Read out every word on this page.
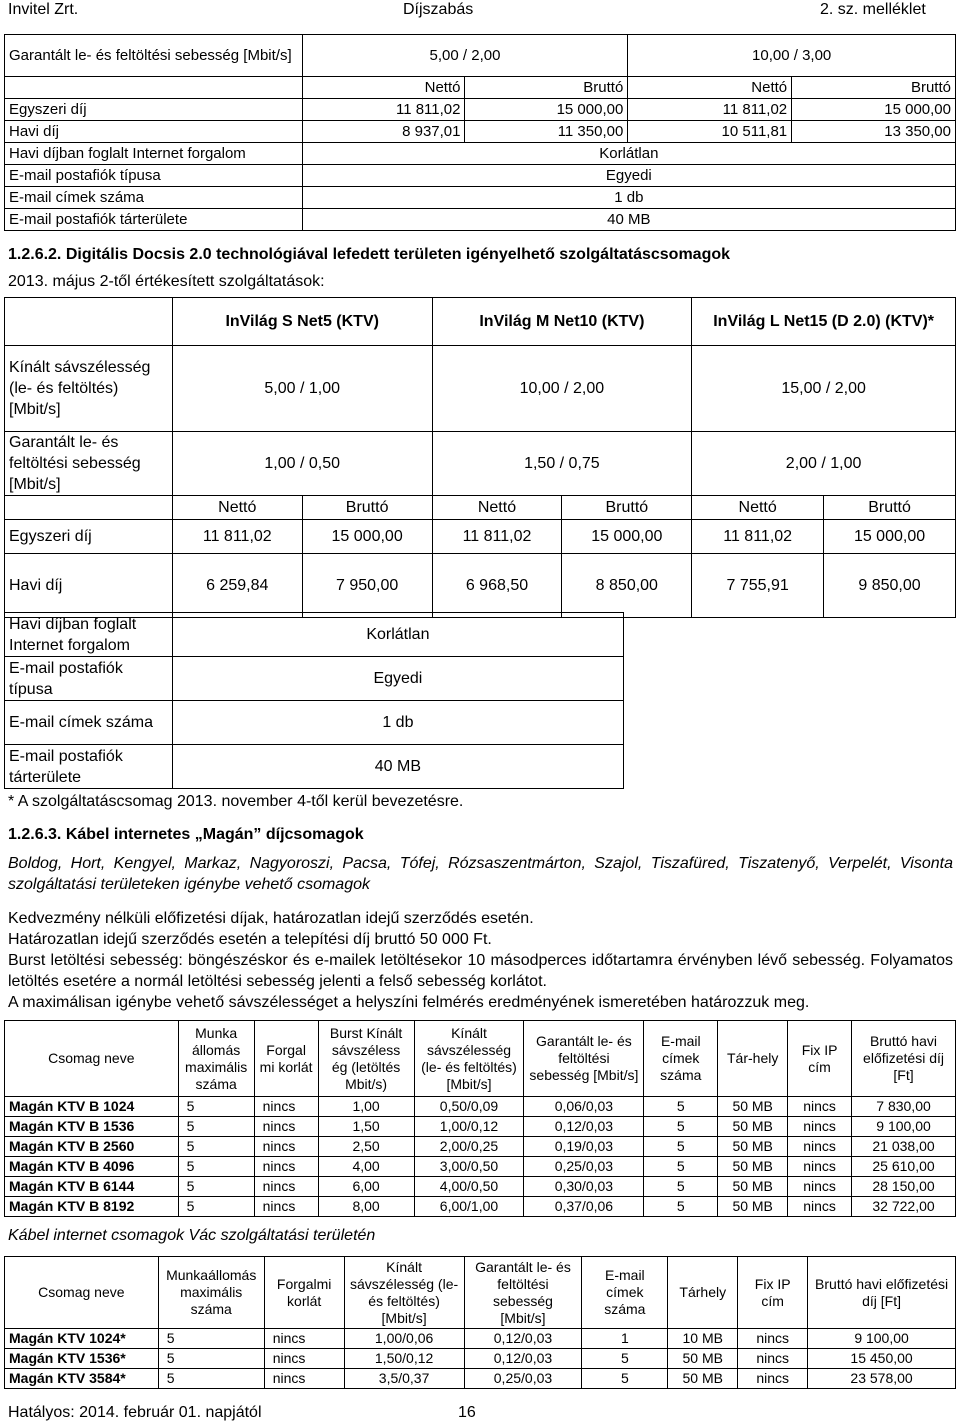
Invitel Zrt.	Díjszabás	2. sz. melléklet
Garantált le- és feltöltési sebesség [Mbit/s]	5,00 / 2,00		10,00 / 3,00	
	Nettó	Bruttó	Nettó	Bruttó
Egyszeri díj	11 811,02	15 000,00	11 811,02	15 000,00
Havi díj	8 937,01	11 350,00	10 511,81	13 350,00
Havi díjban foglalt Internet forgalom	Korlátlan			
E-mail postafiók típusa	Egyedi			
E-mail címek száma	1 db			
E-mail postafiók tárterülete	40 MB			
1.2.6.2. Digitális Docsis 2.0 technológiával lefedett területen igényelhető szolgáltatáscsomagok
2013. május 2-től értékesített szolgáltatások:
	InVilág S Net5 (KTV)		InVilág M Net10 (KTV)		InVilág L Net15 (D 2.0) (KTV)*	
Kínált sávszélesség (le- és feltöltés) [Mbit/s]	5,00 / 1,00		10,00 / 2,00		15,00 / 2,00	
Garantált le- és feltöltési sebesség [Mbit/s]	1,00 / 0,50		1,50 / 0,75		2,00 / 1,00	
	Nettó	Bruttó	Nettó	Bruttó	Nettó	Bruttó
Egyszeri díj	11 811,02	15 000,00	11 811,02	15 000,00	11 811,02	15 000,00
Havi díj	6 259,84	7 950,00	6 968,50	8 850,00	7 755,91	9 850,00
Havi díjban foglalt Internet forgalom	Korlátlan
E-mail postafiók típusa	Egyedi
E-mail címek száma	1 db
E-mail postafiók tárterülete	40 MB
* A szolgáltatáscsomag 2013. november 4-től kerül bevezetésre.
1.2.6.3. Kábel internetes „Magán” díjcsomagok
Boldog, Hort, Kengyel, Markaz, Nagyoroszi, Pacsa, Tófej, Rózsaszentmárton, Szajol, Tiszafüred, Tiszatenyő, Verpelét, Visonta szolgáltatási területeken igénybe vehető csomagok
Kedvezmény nélküli előfizetési díjak, határozatlan idejű szerződés esetén.
Határozatlan idejű szerződés esetén a telepítési díj bruttó 50 000 Ft.
Burst letöltési sebesség: böngészéskor és e-mailek letöltésekor 10 másodperces időtartamra érvényben lévő sebesség. Folyamatos letöltés esetére a normál letöltési sebesség jelenti a felső sebesség korlátot.
A maximálisan igénybe vehető sávszélességet a helyszíni felmérés eredményének ismeretében határozzuk meg.
Csomag neve	Munka állomás maximális száma	Forgal mi korlát	Burst Kínált sávszéless ég (letöltés Mbit/s)	Kínált sávszélesség (le- és feltöltés) [Mbit/s]	Garantált le- és feltöltési sebesség [Mbit/s]	E-mail címek száma	Tár-hely	Fix IP cím	Bruttó havi előfizetési díj [Ft]
Magán KTV B 1024	5	nincs	1,00	0,50/0,09	0,06/0,03	5	50 MB	nincs	7 830,00
Magán KTV B 1536	5	nincs	1,50	1,00/0,12	0,12/0,03	5	50 MB	nincs	9 100,00
Magán KTV B 2560	5	nincs	2,50	2,00/0,25	0,19/0,03	5	50 MB	nincs	21 038,00
Magán KTV B 4096	5	nincs	4,00	3,00/0,50	0,25/0,03	5	50 MB	nincs	25 610,00
Magán KTV B 6144	5	nincs	6,00	4,00/0,50	0,30/0,03	5	50 MB	nincs	28 150,00
Magán KTV B 8192	5	nincs	8,00	6,00/1,00	0,37/0,06	5	50 MB	nincs	32 722,00
Kábel internet csomagok Vác szolgáltatási területén
Csomag neve	Munkaállomás maximális száma	Forgalmi korlát	Kínált sávszélesség (le- és feltöltés) [Mbit/s]	Garantált le- és feltöltési sebesség [Mbit/s]	E-mail címek száma	Tárhely	Fix IP cím	Bruttó havi előfizetési díj [Ft]
Magán KTV 1024*	5	nincs	1,00/0,06	0,12/0,03	1	10 MB	nincs	9 100,00
Magán KTV 1536*	5	nincs	1,50/0,12	0,12/0,03	5	50 MB	nincs	15 450,00
Magán KTV 3584*	5	nincs	3,5/0,37	0,25/0,03	5	50 MB	nincs	23 578,00
Hatályos: 2014. február 01. napjától	16
